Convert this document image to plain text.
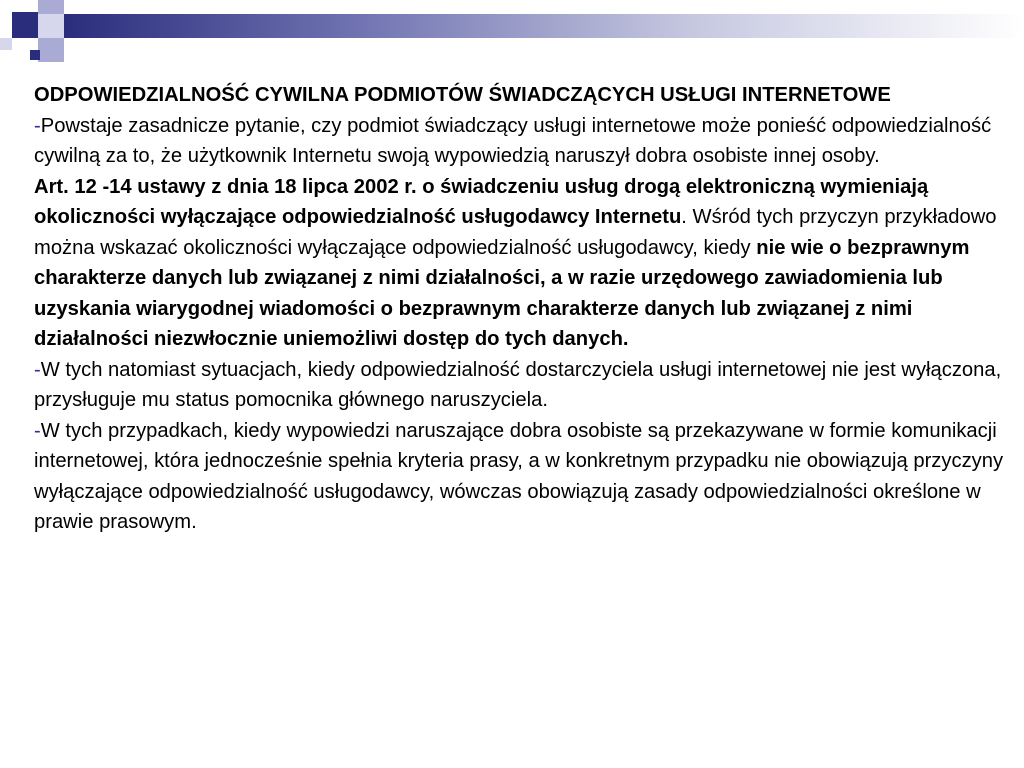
ODPOWIEDZIALNOŚĆ CYWILNA PODMIOTÓW ŚWIADCZĄCYCH USŁUGI INTERNETOWE

-Powstaje zasadnicze pytanie, czy podmiot świadczący usługi internetowe może ponieść odpowiedzialność cywilną za to, że użytkownik Internetu swoją wypowiedzią naruszył dobra osobiste innej osoby.

Art. 12 -14 ustawy z dnia 18 lipca 2002 r. o świadczeniu usług drogą elektroniczną wymieniają okoliczności wyłączające odpowiedzialność usługodawcy Internetu. Wśród tych przyczyn przykładowo można wskazać okoliczności wyłączające odpowiedzialność usługodawcy, kiedy nie wie o bezprawnym charakterze danych lub związanej z nimi działalności, a w razie urzędowego zawiadomienia lub uzyskania wiarygodnej wiadomości o bezprawnym charakterze danych lub związanej z nimi działalności niezwłocznie uniemożliwi dostęp do tych danych.

-W tych natomiast sytuacjach, kiedy odpowiedzialność dostarczyciela usługi internetowej nie jest wyłączona, przysługuje mu status pomocnika głównego naruszyciela.

-W tych przypadkach, kiedy wypowiedzi naruszające dobra osobiste są przekazywane w formie komunikacji internetowej, która jednocześnie spełnia kryteria prasy, a w konkretnym przypadku nie obowiązują przyczyny wyłączające odpowiedzialność usługodawcy, wówczas obowiązują zasady odpowiedzialności określone w prawie prasowym.
